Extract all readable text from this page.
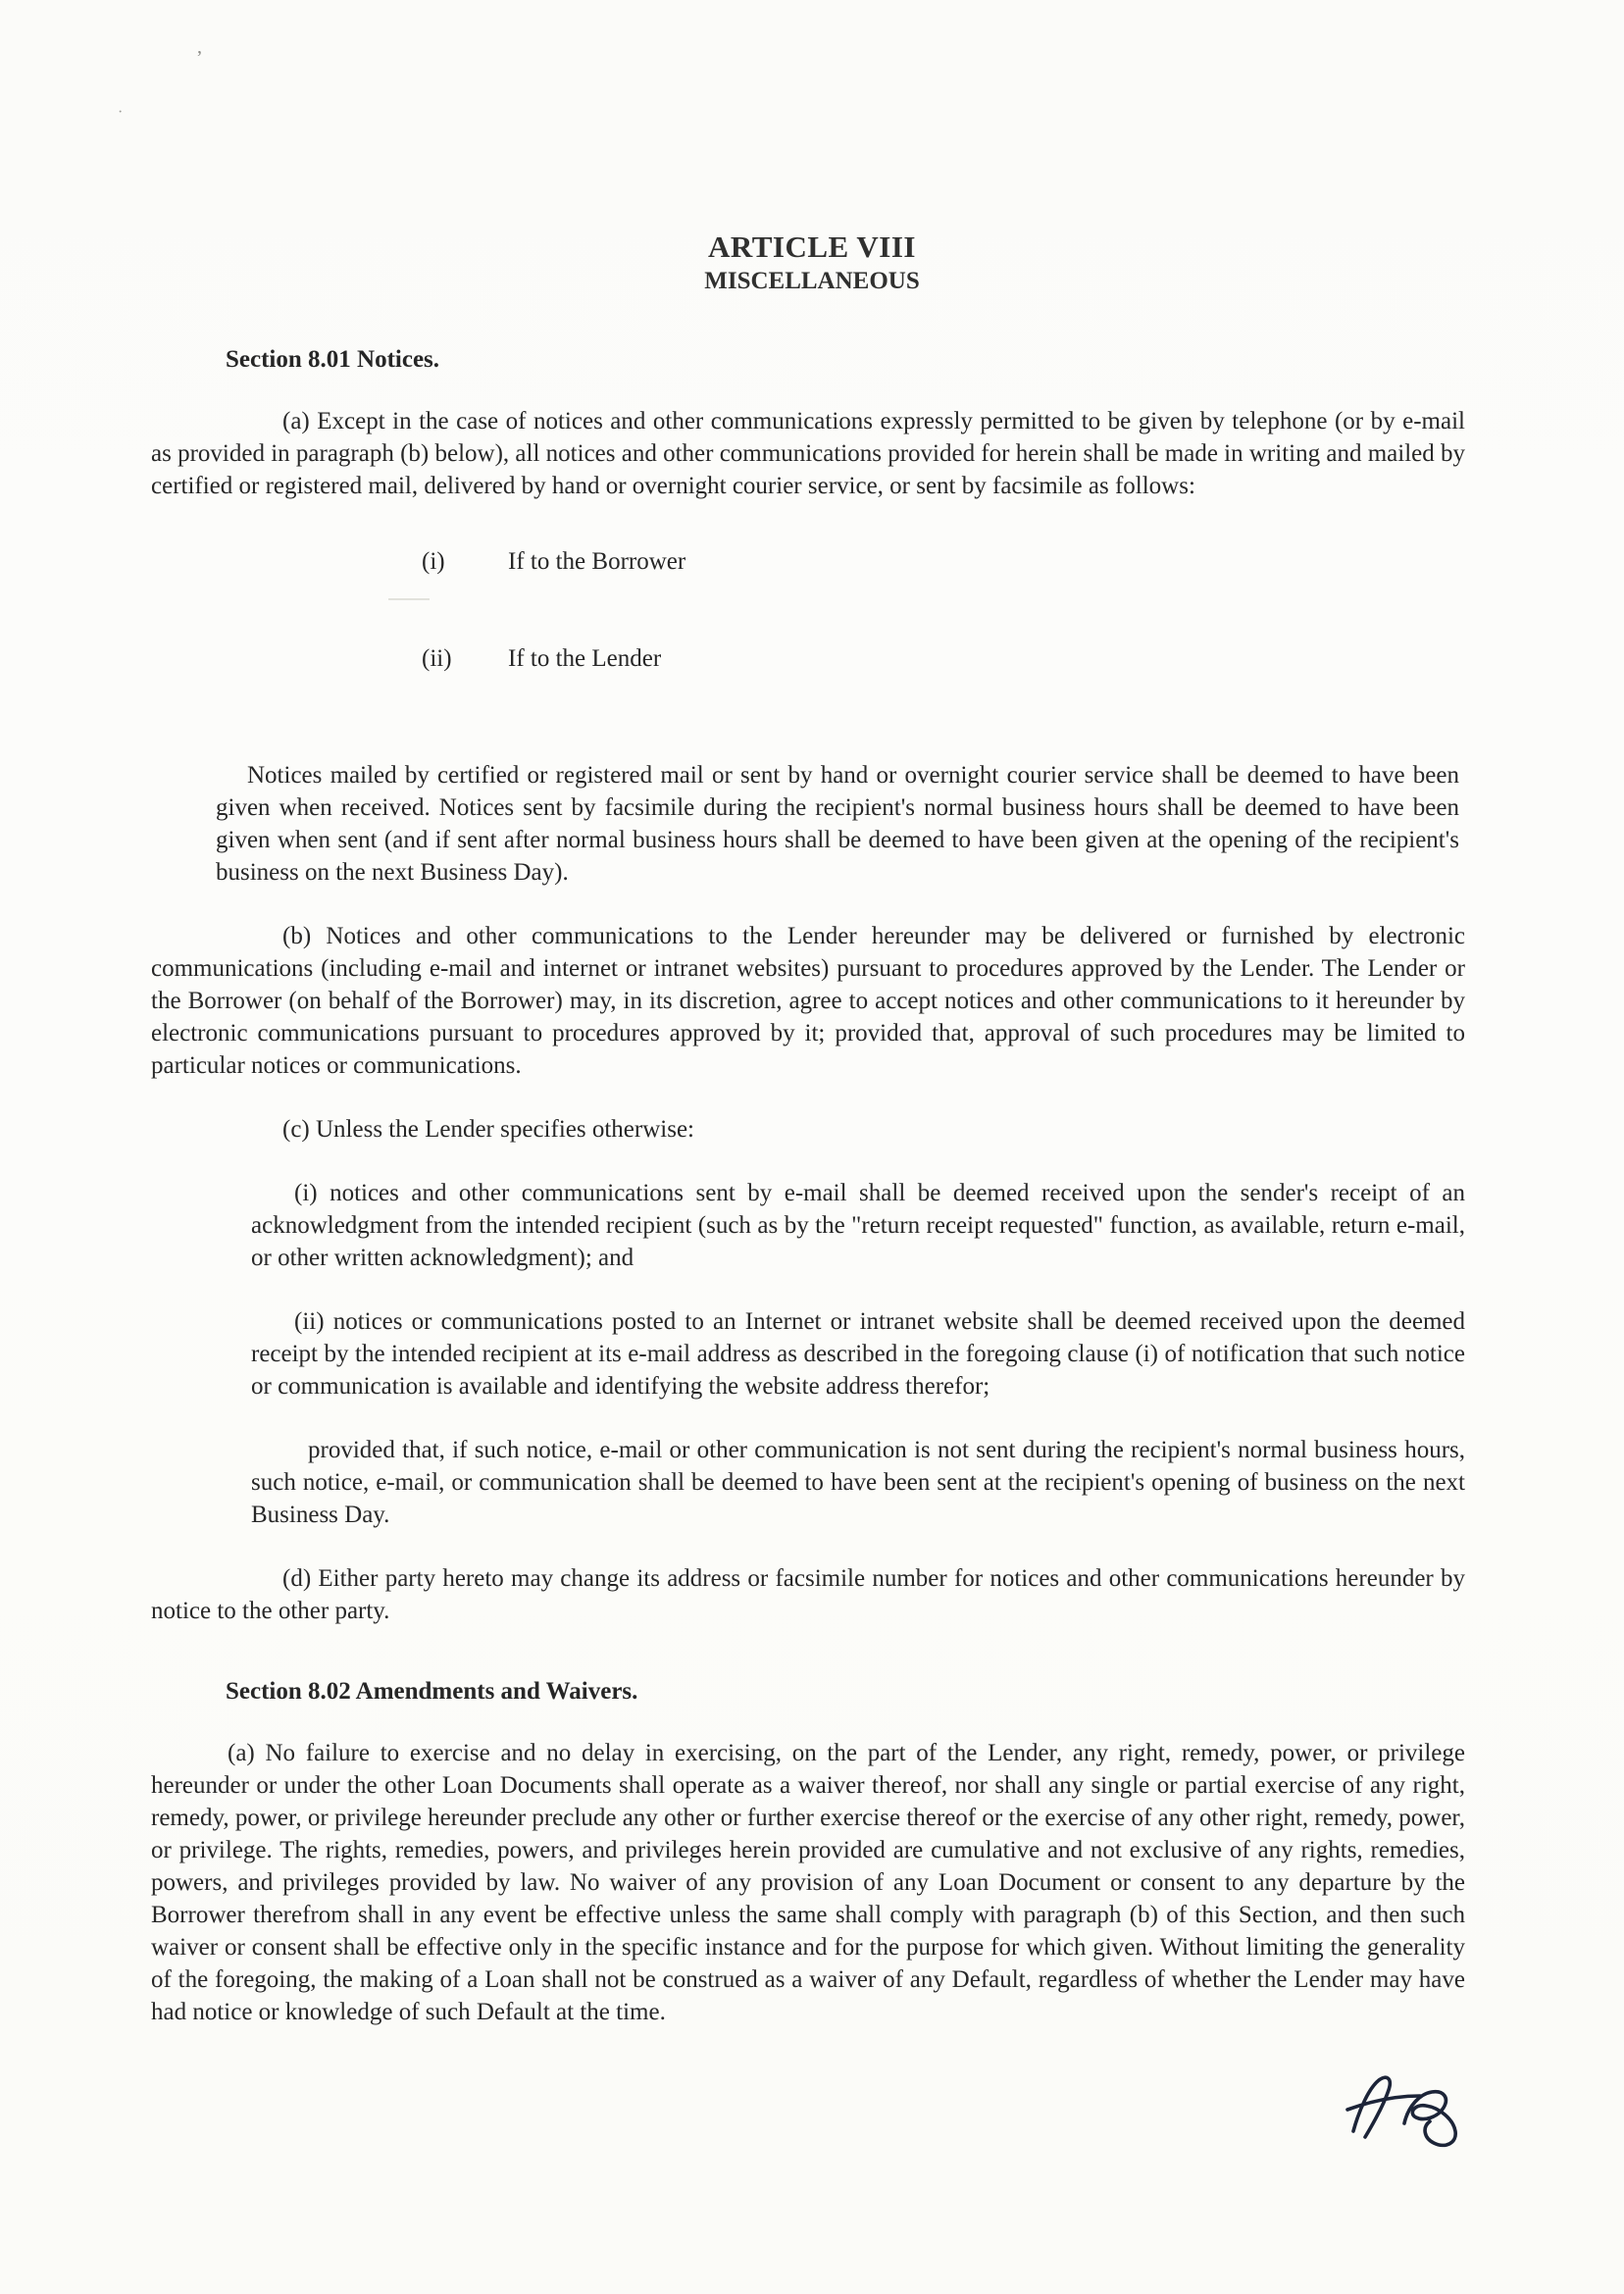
’
·
ARTICLE VIII
MISCELLANEOUS
Section 8.01 Notices.

(a) Except in the case of notices and other communications expressly permitted to be given by telephone (or by e-mail as provided in paragraph (b) below), all notices and other communications provided for herein shall be made in writing and mailed by certified or registered mail, delivered by hand or overnight courier service, or sent by facsimile as follows:

(i)	If to the Borrower
(ii)	If to the Lender

Notices mailed by certified or registered mail or sent by hand or overnight courier service shall be deemed to have been given when received. Notices sent by facsimile during the recipient's normal business hours shall be deemed to have been given when sent (and if sent after normal business hours shall be deemed to have been given at the opening of the recipient's business on the next Business Day).

(b) Notices and other communications to the Lender hereunder may be delivered or furnished by electronic communications (including e-mail and internet or intranet websites) pursuant to procedures approved by the Lender. The Lender or the Borrower (on behalf of the Borrower) may, in its discretion, agree to accept notices and other communications to it hereunder by electronic communications pursuant to procedures approved by it; provided that, approval of such procedures may be limited to particular notices or communications.

(c) Unless the Lender specifies otherwise:

(i) notices and other communications sent by e-mail shall be deemed received upon the sender's receipt of an acknowledgment from the intended recipient (such as by the "return receipt requested" function, as available, return e-mail, or other written acknowledgment); and

(ii) notices or communications posted to an Internet or intranet website shall be deemed received upon the deemed receipt by the intended recipient at its e-mail address as described in the foregoing clause (i) of notification that such notice or communication is available and identifying the website address therefor;

provided that, if such notice, e-mail or other communication is not sent during the recipient's normal business hours, such notice, e-mail, or communication shall be deemed to have been sent at the recipient's opening of business on the next Business Day.

(d) Either party hereto may change its address or facsimile number for notices and other communications hereunder by notice to the other party.

Section 8.02 Amendments and Waivers.

(a) No failure to exercise and no delay in exercising, on the part of the Lender, any right, remedy, power, or privilege hereunder or under the other Loan Documents shall operate as a waiver thereof, nor shall any single or partial exercise of any right, remedy, power, or privilege hereunder preclude any other or further exercise thereof or the exercise of any other right, remedy, power, or privilege. The rights, remedies, powers, and privileges herein provided are cumulative and not exclusive of any rights, remedies, powers, and privileges provided by law. No waiver of any provision of any Loan Document or consent to any departure by the Borrower therefrom shall in any event be effective unless the same shall comply with paragraph (b) of this Section, and then such waiver or consent shall be effective only in the specific instance and for the purpose for which given. Without limiting the generality of the foregoing, the making of a Loan shall not be construed as a waiver of any Default, regardless of whether the Lender may have had notice or knowledge of such Default at the time.
